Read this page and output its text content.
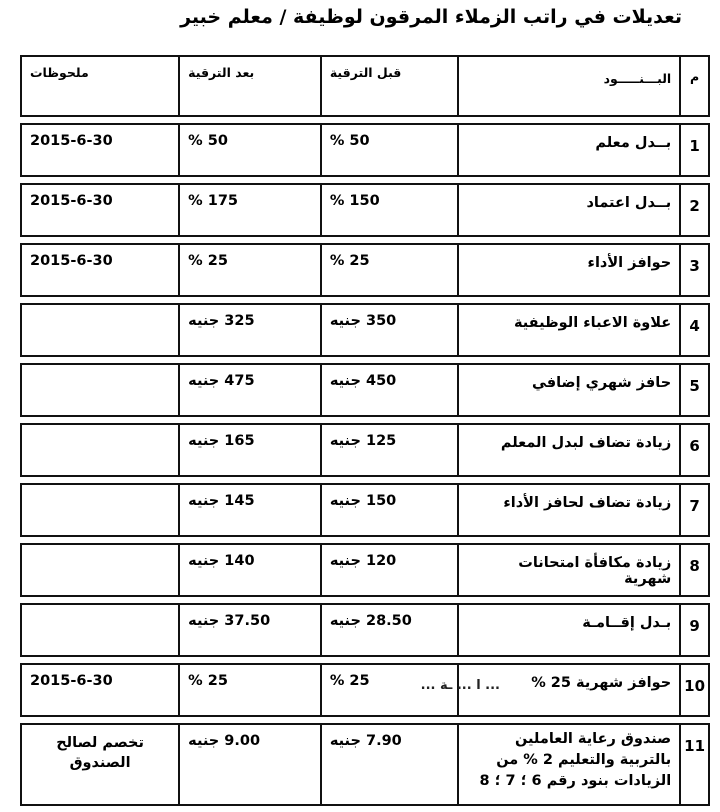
تعديلات في راتب الزملاء المرقون لوظيفة / معلم خبير
م	البـــنـــــود	قبل الترقية	بعد الترقية	ملحوظات
1	بــدل معلم	50 %	50 %	2015-6-30
2	بــدل اعتماد	150 %	175 %	2015-6-30
3	حوافز الأداء	25 %	25 %	2015-6-30
4	علاوة الاعباء الوظيفية	350 جنيه	325 جنيه	
5	حافز شهري إضافي	450 جنيه	475 جنيه	
6	زيادة تضاف لبدل المعلم	125 جنيه	165 جنيه	
7	زيادة تضاف لحافز الأداء	150 جنيه	145 جنيه	
8	زيادة مكافأة امتحانات شهرية	120 جنيه	140 جنيه	
9	بـدل إقــامـة	28.50 جنيه	37.50 جنيه	
10	حوافز شهرية 25 %	25 %	25 %	2015-6-30
11	صندوق رعاية العاملين بالتربية والتعليم 2 % من الزيادات بنود رقم 6 ؛ 7 ؛ 8	7.90 جنيه	9.00 جنيه	تخصم لصالح الصندوق
... ا ... ـة ...
